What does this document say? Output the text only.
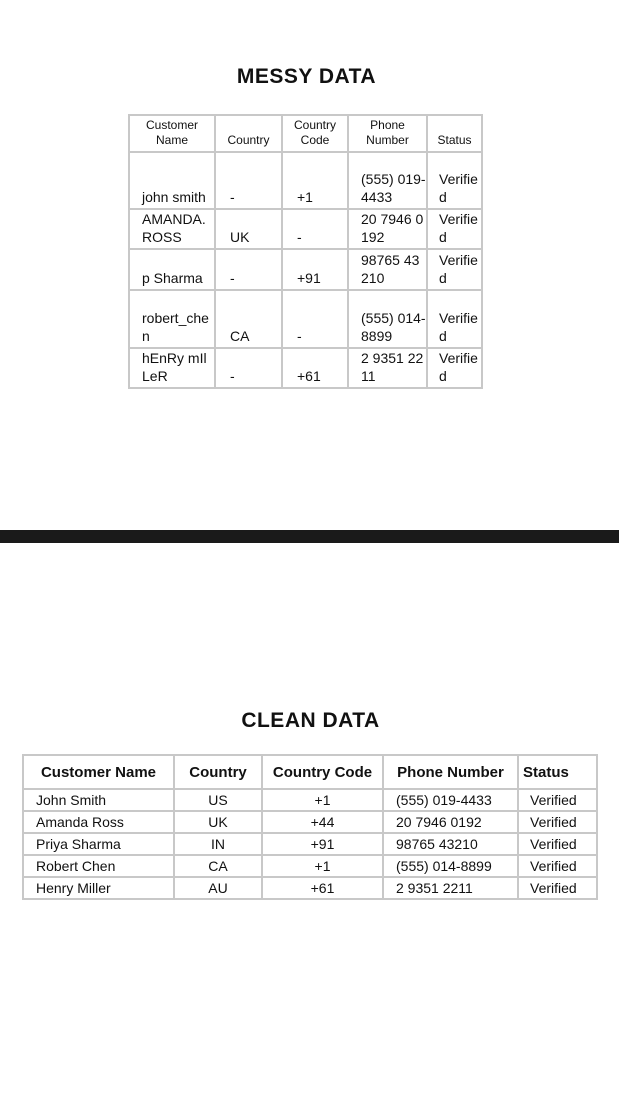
MESSY DATA
Customer Name	Country	Country Code	Phone Number	Status
john smith	-	+1	(555) 019-4433	Verified
AMANDA.ROSS	UK	-	20 7946 0192	Verified
p Sharma	-	+91	98765 43210	Verified
robert_chen	CA	-	(555) 014-8899	Verified
hEnRy mIlLeR	-	+61	2 9351 2211	Verified
CLEAN DATA
Customer Name	Country	Country Code	Phone Number	Status
John Smith	US	+1	(555) 019-4433	Verified
Amanda Ross	UK	+44	20 7946 0192	Verified
Priya Sharma	IN	+91	98765 43210	Verified
Robert Chen	CA	+1	(555) 014-8899	Verified
Henry Miller	AU	+61	2 9351 2211	Verified
